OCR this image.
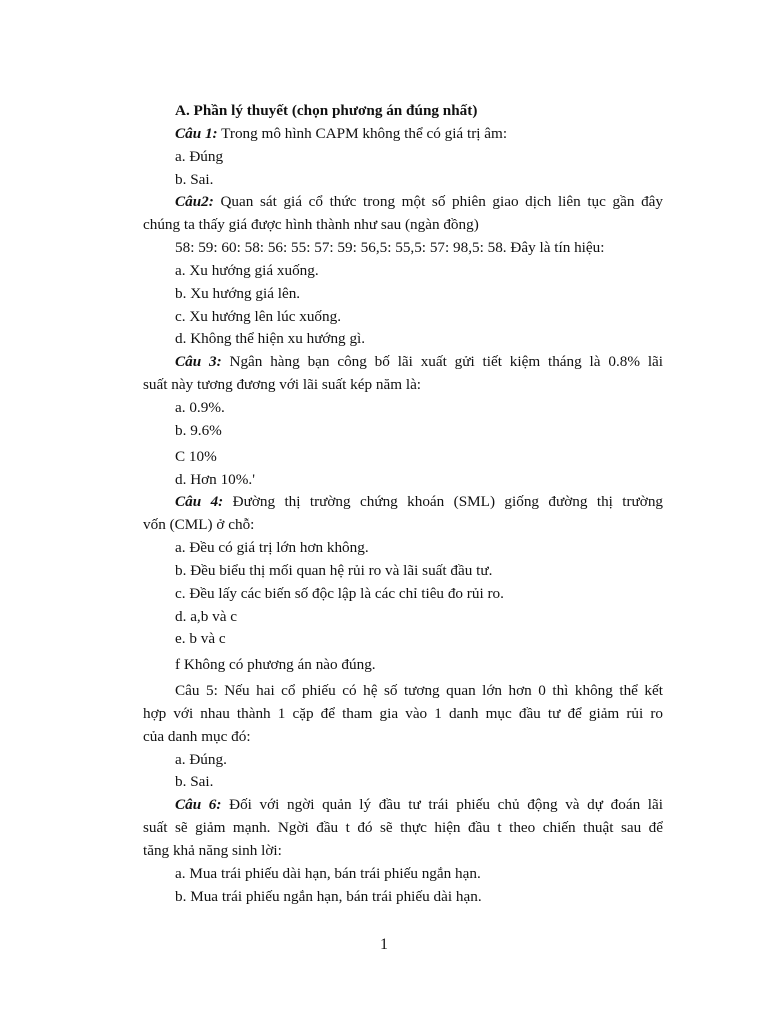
A. Phần lý thuyết (chọn phương án đúng nhất)

Câu 1: Trong mô hình CAPM không thể có giá trị âm:

a. Đúng

b. Sai.

Câu2: Quan sát giá cổ thức trong một số phiên giao dịch liên tục gần đây

chúng ta thấy giá được hình thành như sau (ngàn đồng)

58: 59: 60: 58: 56: 55: 57: 59: 56,5: 55,5: 57: 98,5: 58. Đây là tín hiệu:

a. Xu hướng giá xuống.

b. Xu hướng giá lên.

c. Xu hướng lên lúc xuống.

d. Không thể hiện xu hướng gì.

Câu 3: Ngân hàng bạn công bố lãi xuất gửi tiết kiệm tháng là 0.8% lãi

suất này tương đương với lãi suất kép năm là:

a. 0.9%.

b. 9.6%

C 10%

d. Hơn 10%.'

Câu 4: Đường thị trường chứng khoán (SML) giống đường thị trường

vốn (CML) ở chỗ:

a. Đều có giá trị lớn hơn không.

b. Đều biểu thị mối quan hệ rủi ro và lãi suất đầu tư.

c. Đều lấy các biến số độc lập là các chỉ tiêu đo rủi ro.

d. a,b và c

e. b và c

f Không có phương án nào đúng.

Câu 5: Nếu hai cổ phiếu có hệ số tương quan lớn hơn 0 thì không thể kết

hợp với nhau thành 1 cặp để tham gia vào 1 danh mục đầu tư để giảm rủi ro

của danh mục đó:

a. Đúng.

b. Sai.

Câu 6: Đối với ngời quản lý đầu tư trái phiếu chủ động và dự đoán lãi

suất sẽ giảm mạnh. Ngời đầu t đó sẽ thực hiện đầu t theo chiến thuật sau để

tăng khả năng sinh lời:

a. Mua trái phiếu dài hạn, bán trái phiếu ngắn hạn.

b. Mua trái phiếu ngắn hạn, bán trái phiếu dài hạn.

1
